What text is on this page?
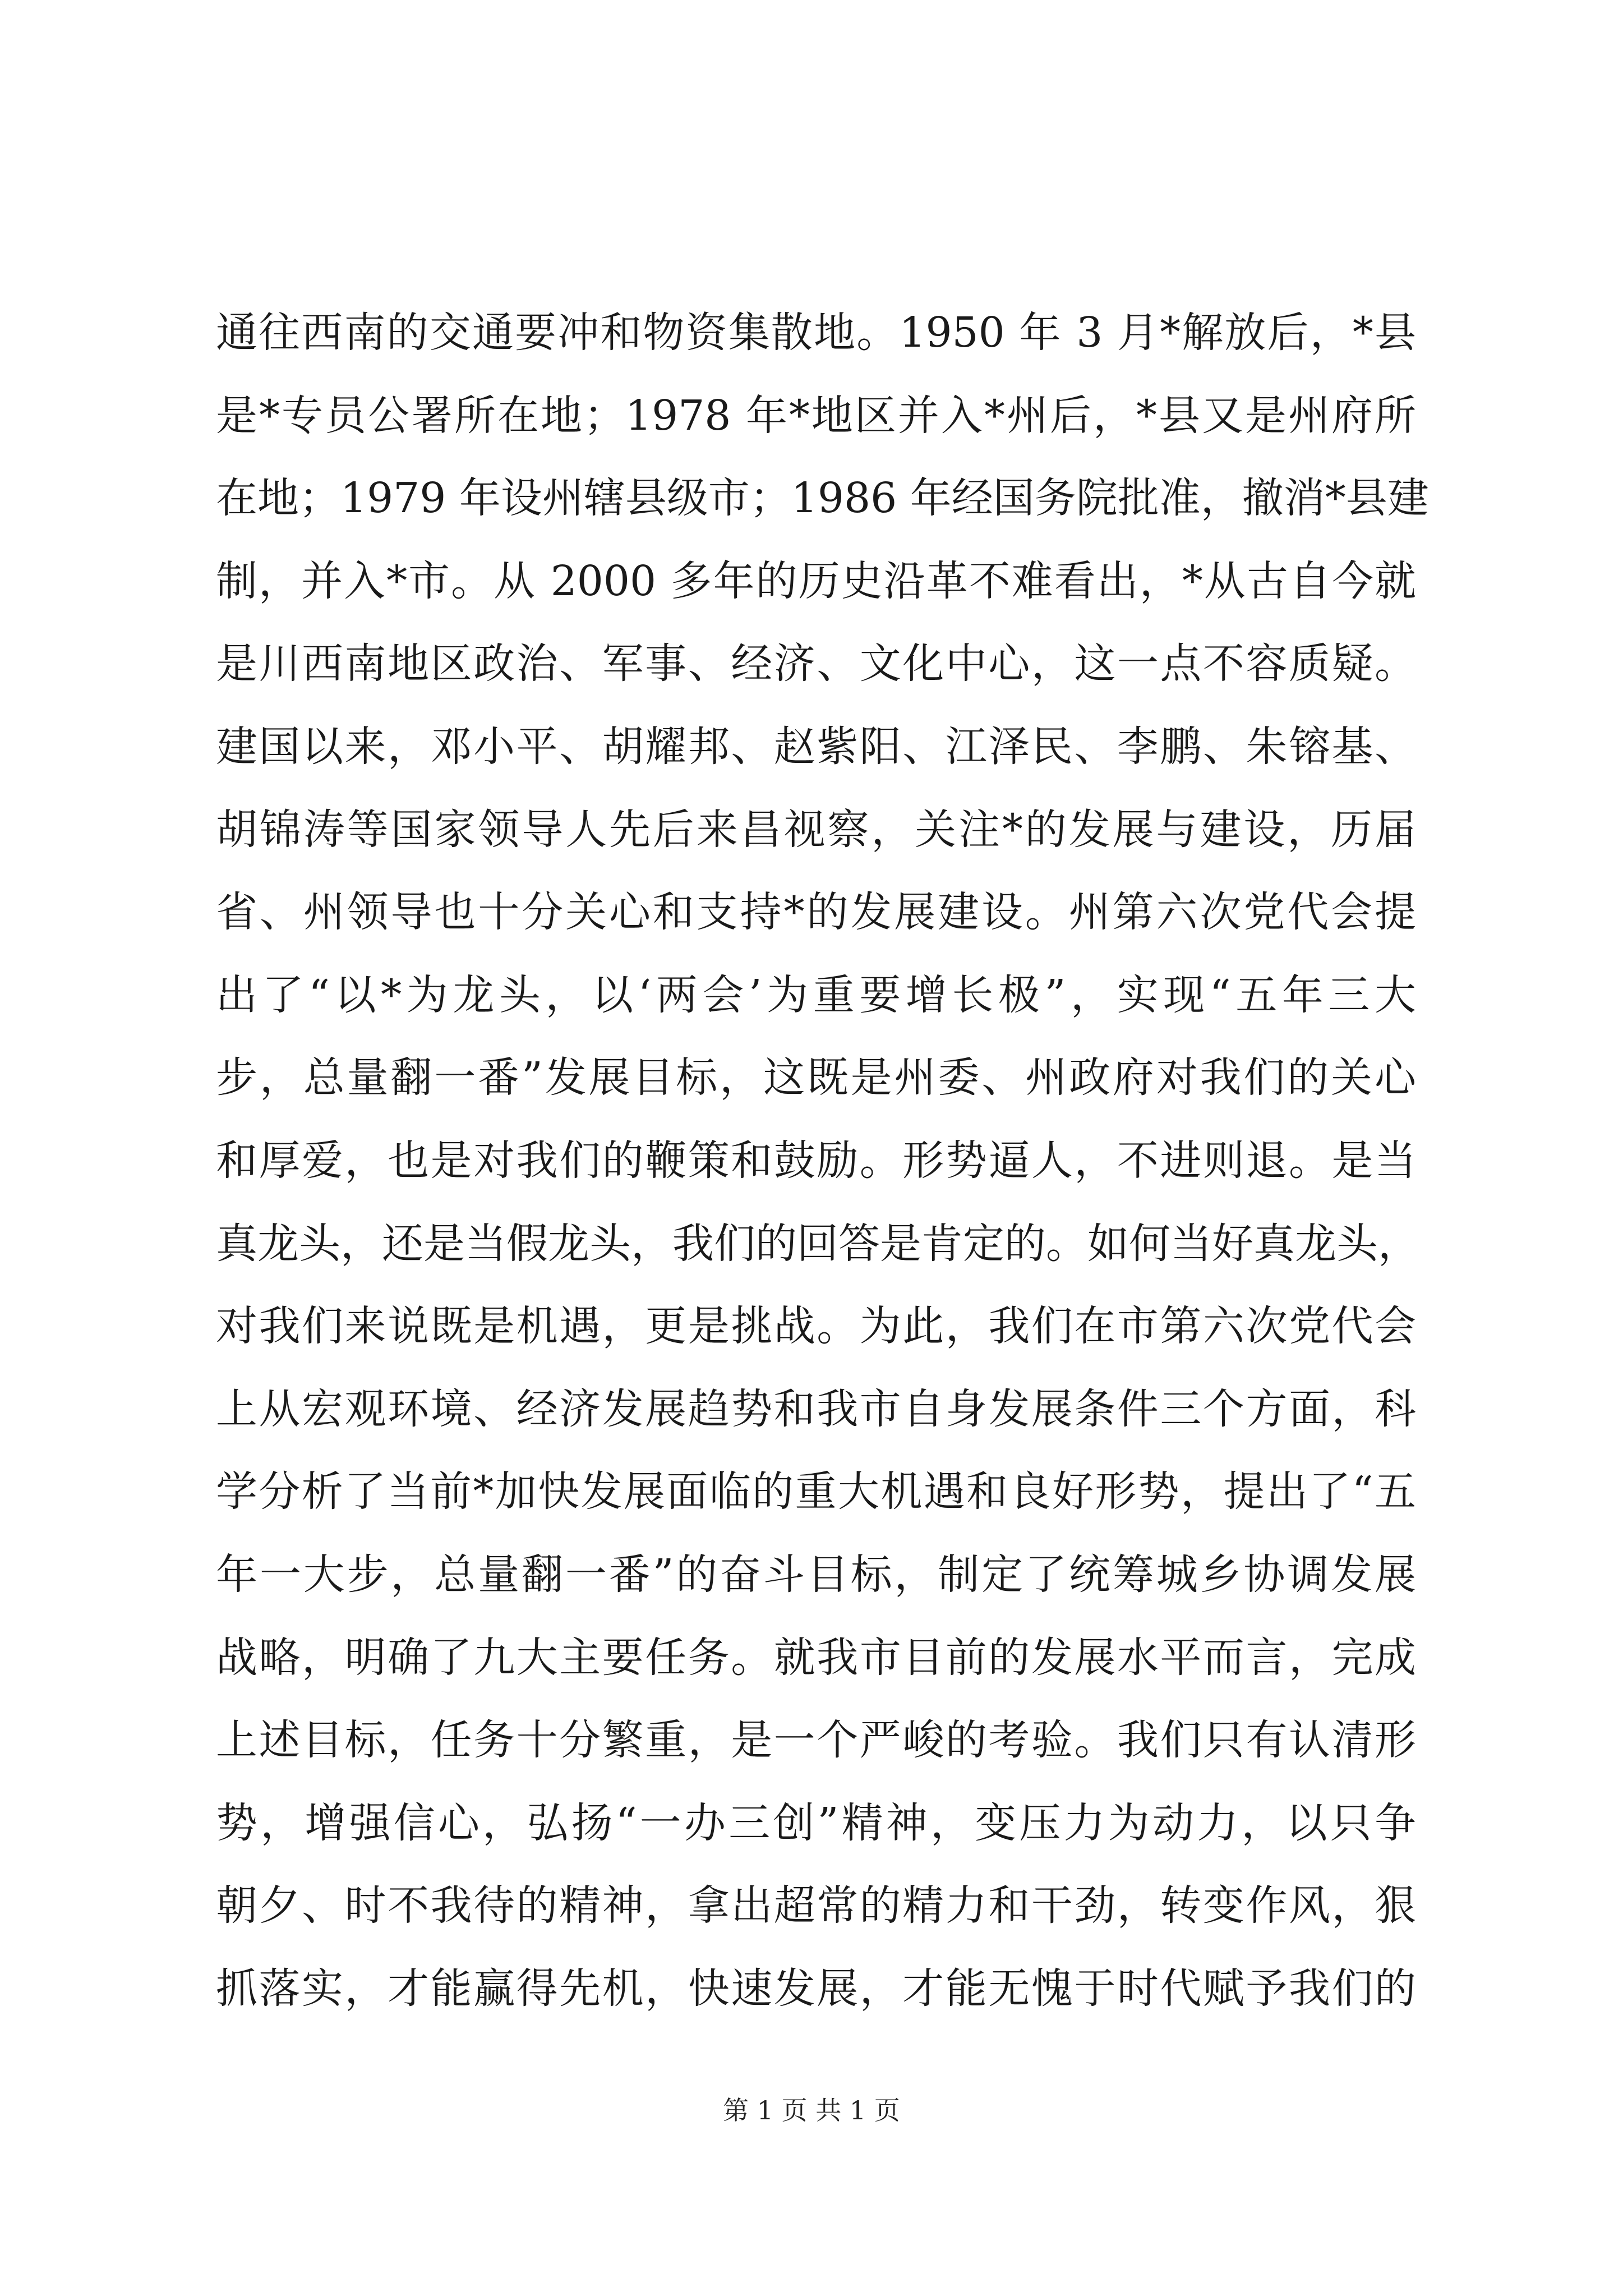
通往西南的交通要冲和物资集散地。1950 年 3 月*解放后，*县
是*专员公署所在地；1978 年*地区并入*州后，*县又是州府所
在地；1979 年设州辖县级市；1986 年经国务院批准，撤消*县建
制，并入*市。从 2000 多年的历史沿革不难看出，*从古自今就
是川西南地区政治、军事、经济、文化中心，这一点不容质疑。
建国以来，邓小平、胡耀邦、赵紫阳、江泽民、李鹏、朱镕基、
胡锦涛等国家领导人先后来昌视察，关注*的发展与建设，历届
省、州领导也十分关心和支持*的发展建设。州第六次党代会提
出了“以*为龙头，以‘两会’为重要增长极”，实现“五年三大
步，总量翻一番”发展目标，这既是州委、州政府对我们的关心
和厚爱，也是对我们的鞭策和鼓励。形势逼人，不进则退。是当
真龙头，还是当假龙头，我们的回答是肯定的。如何当好真龙头，
对我们来说既是机遇，更是挑战。为此，我们在市第六次党代会
上从宏观环境、经济发展趋势和我市自身发展条件三个方面，科
学分析了当前*加快发展面临的重大机遇和良好形势，提出了“五
年一大步，总量翻一番”的奋斗目标，制定了统筹城乡协调发展
战略，明确了九大主要任务。就我市目前的发展水平而言，完成
上述目标，任务十分繁重，是一个严峻的考验。我们只有认清形
势，增强信心，弘扬“一办三创”精神，变压力为动力，以只争
朝夕、时不我待的精神，拿出超常的精力和干劲，转变作风，狠
抓落实，才能赢得先机，快速发展，才能无愧于时代赋予我们的
第 1 页 共 1 页
